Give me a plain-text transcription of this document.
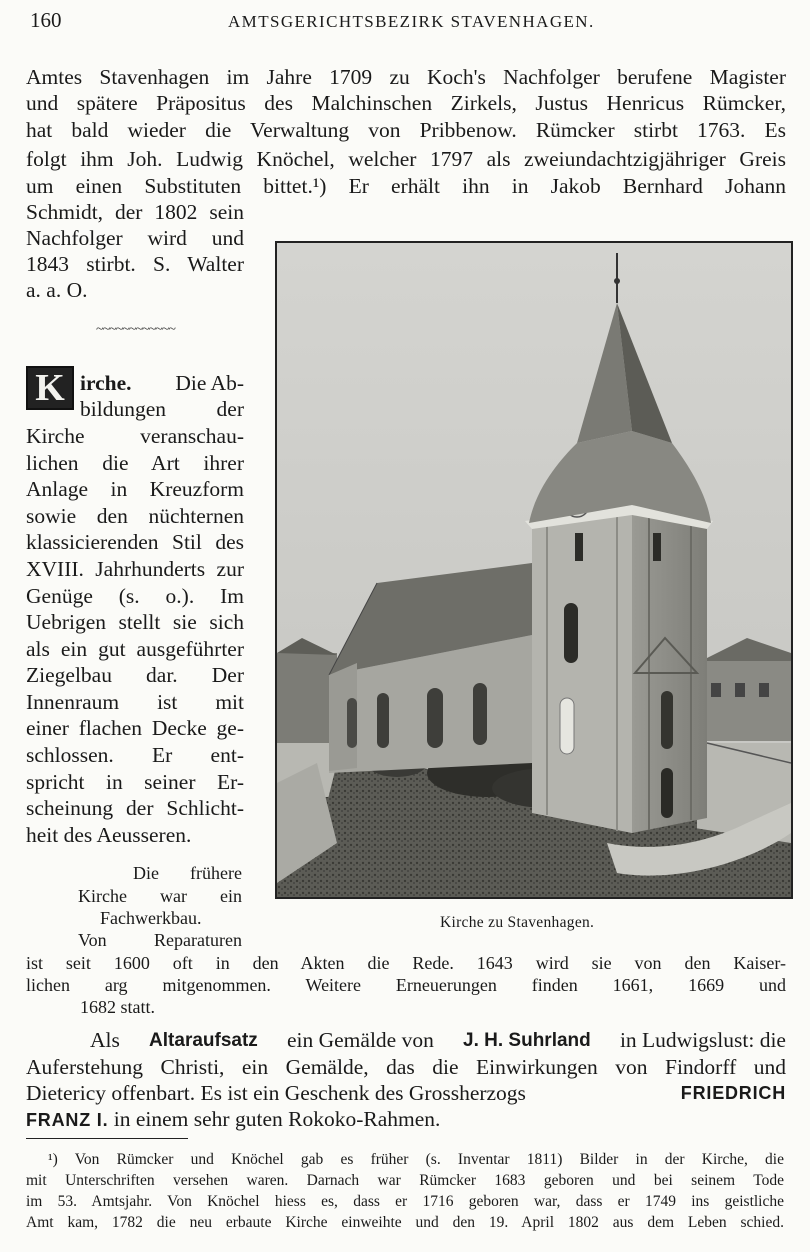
160	AMTSGERICHTSBEZIRK STAVENHAGEN.
Amtes Stavenhagen im Jahre 1709 zu Koch's Nachfolger berufene Magister
und spätere Präpositus des Malchinschen Zirkels, Justus Henricus Rümcker,
hat bald wieder die Verwaltung von Pribbenow. Rümcker stirbt 1763. Es
folgt ihm Joh. Ludwig Knöchel, welcher 1797 als zweiundachtzigjähriger Greis
um einen Substituten bittet.¹) Er erhält ihn in Jakob Bernhard Johann
Schmidt, der 1802 sein
Nachfolger wird und
1843 stirbt. S. Walter
a. a. O.
~~~~~~~~~~~~
K irche. Die Ab-
bildungen der
Kirche veranschau-
lichen die Art ihrer
Anlage in Kreuzform
sowie den nüchternen
klassicierenden Stil des
XVIII. Jahrhunderts zur
Genüge (s. o.). Im
Uebrigen stellt sie sich
als ein gut ausgeführter
Ziegelbau dar. Der
Innenraum ist mit
einer flachen Decke ge-
schlossen. Er ent-
spricht in seiner Er-
scheinung der Schlicht-
heit des Aeusseren.
Die frühere
Kirche war ein
Fachwerkbau.
Von Reparaturen
ist seit 1600 oft in den Akten die Rede. 1643 wird sie von den Kaiser-
lichen arg mitgenommen. Weitere Erneuerungen finden 1661, 1669 und
1682 statt.
Kirche zu Stavenhagen.
Als Altaraufsatz ein Gemälde von J. H. Suhrland in Ludwigslust: die
Auferstehung Christi, ein Gemälde, das die Einwirkungen von Findorff und
Dietericy offenbart. Es ist ein Geschenk des Grossherzogs	FRIEDRICH
FRANZ I. in einem sehr guten Rokoko-Rahmen.
¹) Von Rümcker und Knöchel gab es früher (s. Inventar 1811) Bilder in der Kirche, die
mit Unterschriften versehen waren. Darnach war Rümcker 1683 geboren und bei seinem Tode
im 53. Amtsjahr. Von Knöchel hiess es, dass er 1716 geboren war, dass er 1749 ins geistliche
Amt kam, 1782 die neu erbaute Kirche einweihte und den 19. April 1802 aus dem Leben schied.
